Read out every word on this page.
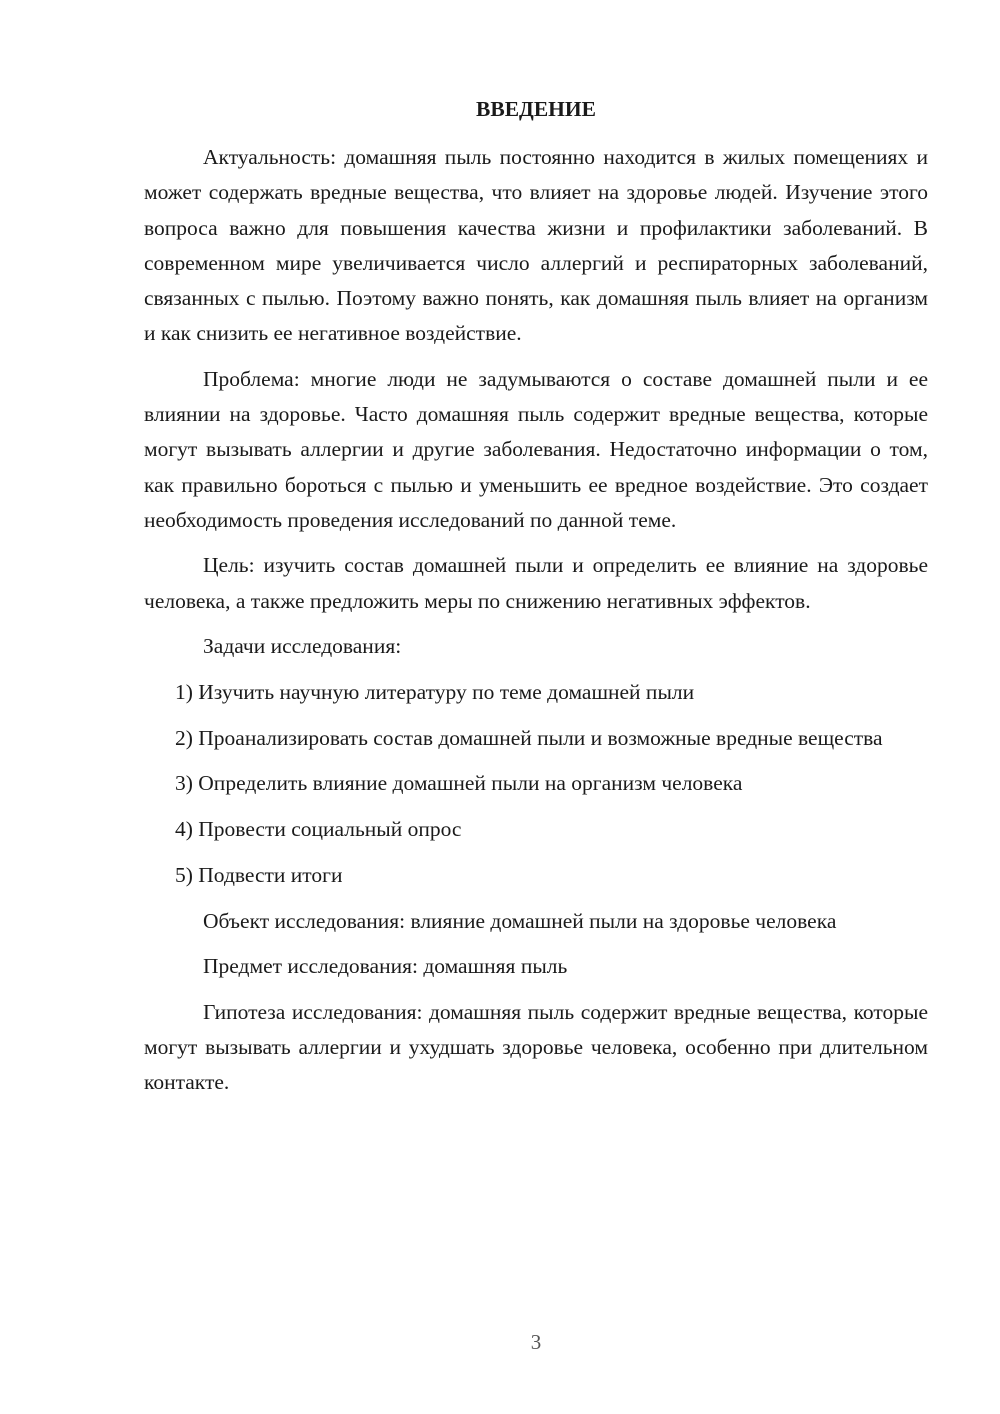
ВВЕДЕНИЕ

Актуальность: домашняя пыль постоянно находится в жилых помещениях и может содержать вредные вещества, что влияет на здоровье людей. Изучение этого вопроса важно для повышения качества жизни и профилактики заболеваний. В современном мире увеличивается число аллергий и респираторных заболеваний, связанных с пылью. Поэтому важно понять, как домашняя пыль влияет на организм и как снизить ее негативное воздействие.

Проблема: многие люди не задумываются о составе домашней пыли и ее влиянии на здоровье. Часто домашняя пыль содержит вредные вещества, которые могут вызывать аллергии и другие заболевания. Недостаточно информации о том, как правильно бороться с пылью и уменьшить ее вредное воздействие. Это создает необходимость проведения исследований по данной теме.

Цель: изучить состав домашней пыли и определить ее влияние на здоровье человека, а также предложить меры по снижению негативных эффектов.

Задачи исследования:

1) Изучить научную литературу по теме домашней пыли

2) Проанализировать состав домашней пыли и возможные вредные вещества

3) Определить влияние домашней пыли на организм человека

4) Провести социальный опрос

5) Подвести итоги

Объект исследования: влияние домашней пыли на здоровье человека

Предмет исследования: домашняя пыль

Гипотеза исследования: домашняя пыль содержит вредные вещества, которые могут вызывать аллергии и ухудшать здоровье человека, особенно при длительном контакте.

3
